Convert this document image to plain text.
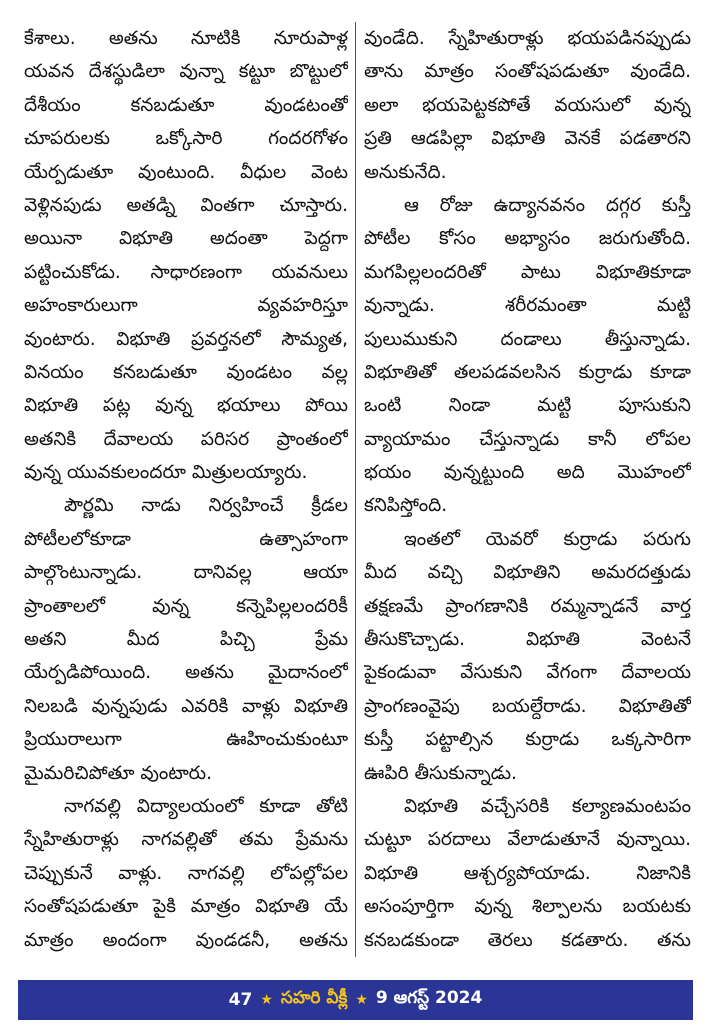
కేశాలు. అతను నూటికి నూరుపాళ్ల
యవన దేశస్థుడిలా వున్నా కట్టూ బొట్టులో
దేశీయం కనబడుతూ వుండటంతో
చూపరులకు ఒక్కోసారి గందరగోళం
యేర్పడుతూ వుంటుంది. వీధుల వెంట
వెళ్లినపుడు అతడ్ని వింతగా చూస్తారు.
అయినా విభూతి అదంతా పెద్దగా
పట్టించుకోడు. సాధారణంగా యవనులు
అహంకారులుగా వ్యవహరిస్తూ
వుంటారు. విభూతి ప్రవర్తనలో సౌమ్యత,
వినయం కనబడుతూ వుండటం వల్ల
విభూతి పట్ల వున్న భయాలు పోయి
అతనికి దేవాలయ పరిసర ప్రాంతంలో
వున్న యువకులందరూ మిత్రులయ్యారు.
పౌర్ణమి నాడు నిర్వహించే క్రీడల
పోటీలలోకూడా ఉత్సాహంగా
పాల్గొంటున్నాడు. దానివల్ల ఆయా
ప్రాంతాలలో వున్న కన్నెపిల్లలందరికీ
అతని మీద పిచ్చి ప్రేమ
యేర్పడిపోయింది. అతను మైదానంలో
నిలబడి వున్నపుడు ఎవరికి వాళ్లు విభూతి
ప్రియురాలుగా ఊహించుకుంటూ
మైమరిచిపోతూ వుంటారు.
నాగవల్లి విద్యాలయంలో కూడా తోటి
స్నేహితురాళ్లు నాగవల్లితో తమ ప్రేమను
చెప్పుకునే వాళ్లు. నాగవల్లి లోపల్లోపల
సంతోషపడుతూ పైకి మాత్రం విభూతి యే
మాత్రం అందంగా వుండడనీ, అతను
వుండేది. స్నేహితురాళ్లు భయపడినప్పుడు
తాను మాత్రం సంతోషపడుతూ వుండేది.
అలా భయపెట్టకపోతే వయసులో వున్న
ప్రతి ఆడపిల్లా విభూతి వెనకే పడతారని
అనుకునేది.
ఆ రోజు ఉద్యానవనం దగ్గర కుస్తీ
పోటీల కోసం అభ్యాసం జరుగుతోంది.
మగపిల్లలందరితో పాటు విభూతికూడా
వున్నాడు. శరీరమంతా మట్టి
పులుముకుని దండాలు తీస్తున్నాడు.
విభూతితో తలపడవలసిన కుర్రాడు కూడా
ఒంటి నిండా మట్టి పూసుకుని
వ్యాయామం చేస్తున్నాడు కానీ లోపల
భయం వున్నట్టుంది అది మొహంలో
కనిపిస్తోంది.
ఇంతలో యెవరో కుర్రాడు పరుగు
మీద వచ్చి విభూతిని అమరదత్తుడు
తక్షణమే ప్రాంగణానికి రమ్మన్నాడనే వార్త
తీసుకొచ్చాడు. విభూతి వెంటనే
పైకండువా వేసుకుని వేగంగా దేవాలయ
ప్రాంగణంవైపు బయల్దేరాడు. విభూతితో
కుస్తీ పట్టాల్సిన కుర్రాడు ఒక్కసారిగా
ఊపిరి తీసుకున్నాడు.
విభూతి వచ్చేసరికి కల్యాణమంటపం
చుట్టూ పరదాలు వేలాడుతూనే వున్నాయి.
విభూతి ఆశ్చర్యపోయాడు. నిజానికి
అసంపూర్తిగా వున్న శిల్పాలను బయటకు
కనబడకుండా తెరలు కడతారు. తను
47 ★ సహరి వీక్లీ ★ 9 ఆగస్ట్ 2024
